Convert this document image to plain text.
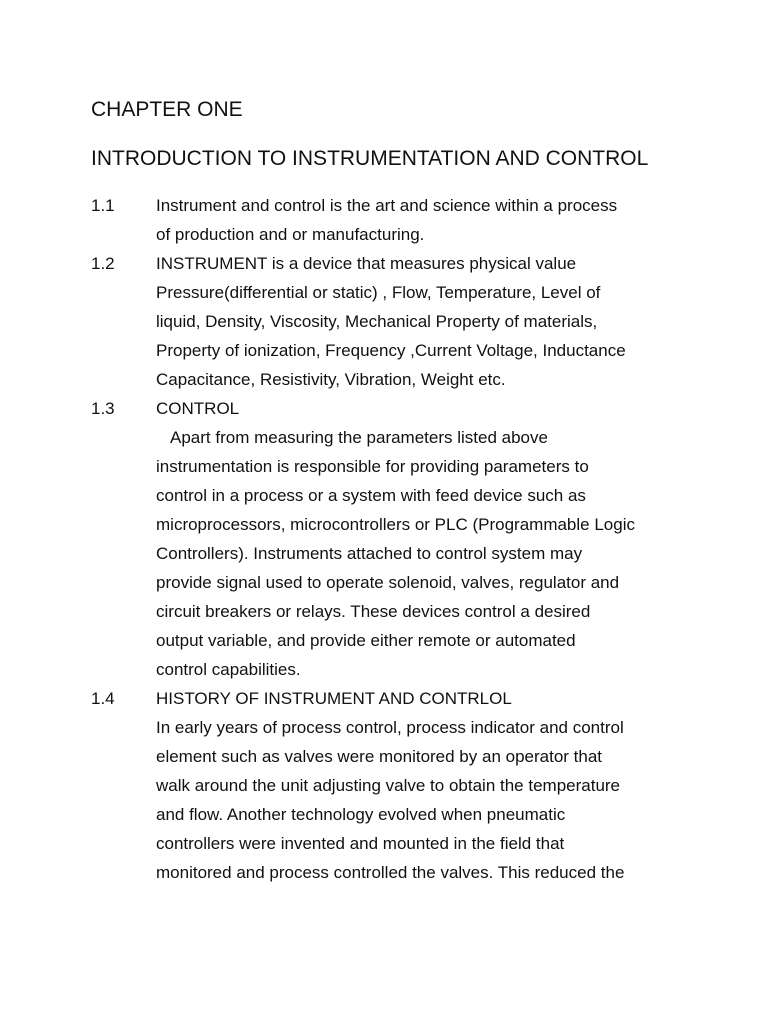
CHAPTER ONE
INTRODUCTION TO INSTRUMENTATION AND CONTROL
1.1 Instrument and control is the art and science within a process
of production and or manufacturing.
1.2 INSTRUMENT is a device that measures physical value
Pressure(differential or static) , Flow, Temperature, Level of
liquid, Density, Viscosity, Mechanical Property of materials,
Property of ionization, Frequency ,Current Voltage, Inductance
Capacitance, Resistivity, Vibration, Weight etc.
1.3 CONTROL
Apart from measuring the parameters listed above
instrumentation is responsible for providing parameters to
control in a process or a system with feed device such as
microprocessors, microcontrollers or PLC (Programmable Logic
Controllers). Instruments attached to control system may
provide signal used to operate solenoid, valves, regulator and
circuit breakers or relays. These devices control a desired
output variable, and provide either remote or automated
control capabilities.
1.4 HISTORY OF INSTRUMENT AND CONTRLOL
In early years of process control, process indicator and control
element such as valves were monitored by an operator that
walk around the unit adjusting valve to obtain the temperature
and flow. Another technology evolved when pneumatic
controllers were invented and mounted in the field that
monitored and process controlled the valves. This reduced the
